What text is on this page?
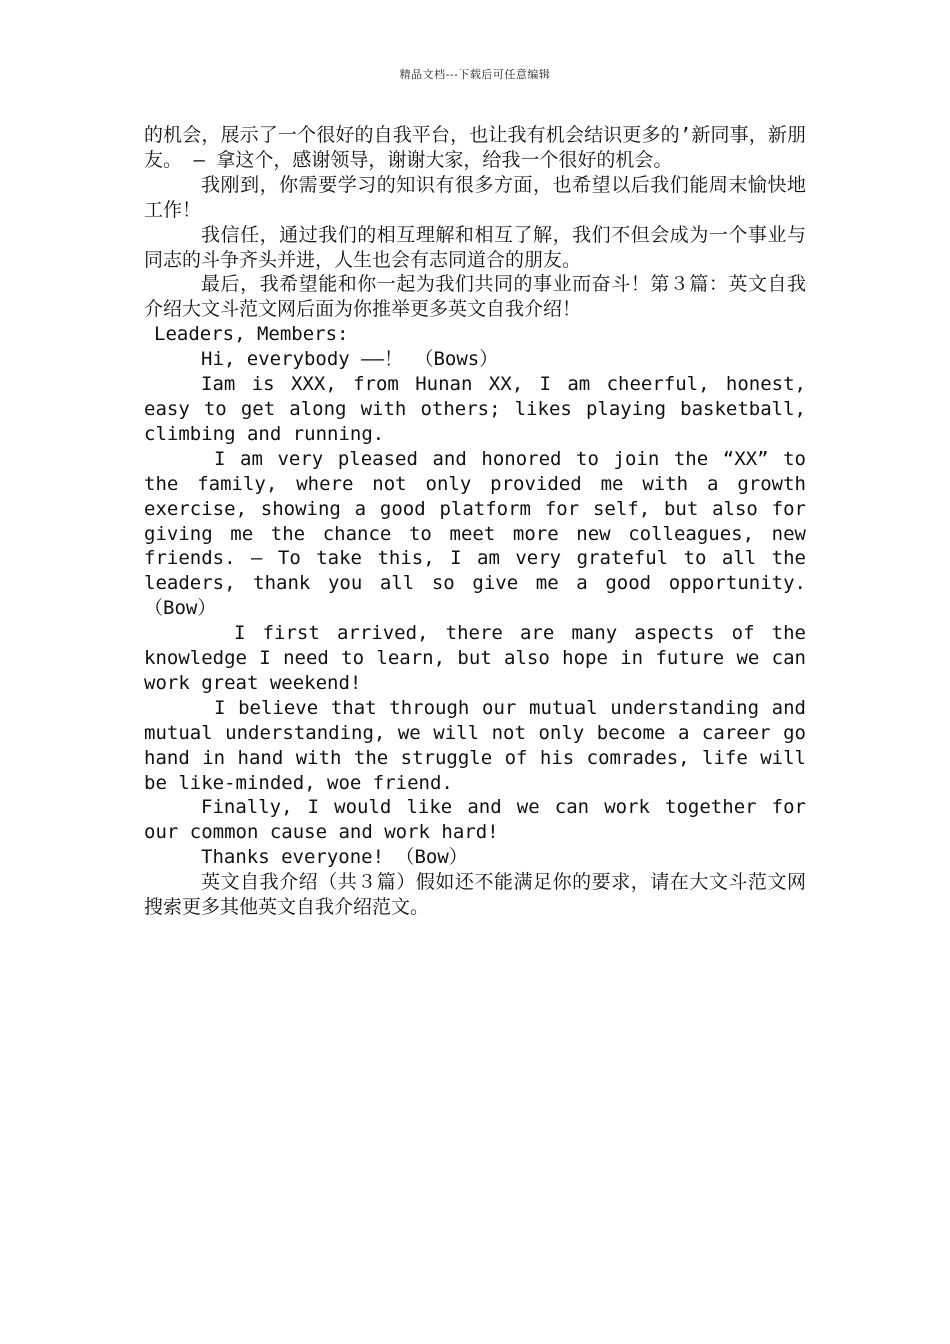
精品文档---下载后可任意编辑

的机会，展示了一个很好的自我平台，也让我有机会结识更多的’新同事，新朋友。 – 拿这个，感谢领导，谢谢大家，给我一个很好的机会。

我刚到，你需要学习的知识有很多方面，也希望以后我们能周末愉快地工作！

我信任，通过我们的相互理解和相互了解，我们不但会成为一个事业与同志的斗争齐头并进，人生也会有志同道合的朋友。

最后，我希望能和你一起为我们共同的事业而奋斗！第３篇：英文自我介绍大文斗范文网后面为你推举更多英文自我介绍！

Leaders, Members:

Hi, everybody ——！ （Bows）

Iam is XXX, from Hunan XX, I am cheerful, honest, easy to get along with others; likes playing basketball, climbing and running.

I am very pleased and honored to join the “XX” to the family, where not only provided me with a growth exercise, showing a good platform for self, but also for giving me the chance to meet more new colleagues, new friends. – To take this, I am very grateful to all the leaders, thank you all so give me a good opportunity.（Bow）

I first arrived, there are many aspects of the knowledge I need to learn, but also hope in future we can work great weekend!

I believe that through our mutual understanding and mutual understanding, we will not only become a career go hand in hand with the struggle of his comrades, life will be like-minded, woe friend.

Finally, I would like and we can work together for our common cause and work hard!

Thanks everyone! （Bow）

英文自我介绍（共３篇）假如还不能满足你的要求，请在大文斗范文网搜索更多其他英文自我介绍范文。
